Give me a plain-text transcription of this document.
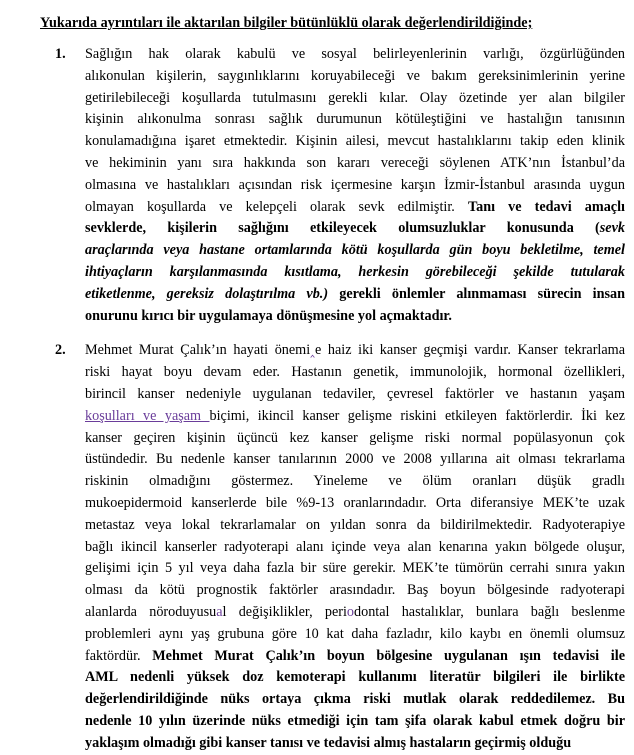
Yukarıda ayrıntıları ile aktarılan bilgiler bütünlüklü olarak değerlendirildiğinde;
1.	Sağlığın hak olarak kabulü ve sosyal belirleyenlerinin varlığı, özgürlüğünden
alıkonulan kişilerin, saygınlıklarını koruyabileceği ve bakım gereksinimlerinin yerine
getirilebileceği koşullarda tutulmasını gerekli kılar. Olay özetinde yer alan bilgiler
kişinin alıkonulma sonrası sağlık durumunun kötüleştiğini ve hastalığın tanısının
konulamadığına işaret etmektedir. Kişinin ailesi, mevcut hastalıklarını takip eden klinik
ve hekiminin yanı sıra hakkında son kararı vereceği söylenen ATK’nın İstanbul’da
olmasına ve hastalıkları açısından risk içermesine karşın İzmir-İstanbul arasında uygun
olmayan koşullarda ve kelepçeli olarak sevk edilmiştir. Tanı ve tedavi amaçlı
sevklerde, kişilerin sağlığını etkileyecek olumsuzluklar konusunda (sevk
araçlarında veya hastane ortamlarında kötü koşullarda gün boyu bekletilme, temel
ihtiyaçların karşılanmasında kısıtlama, herkesin görebileceği şekilde tutularak
etiketlenme, gereksiz dolaştırılma vb.) gerekli önlemler alınmaması sürecin insan
onurunu kırıcı bir uygulamaya dönüşmesine yol açmaktadır.
2.	Mehmet Murat Çalık’ın hayati önemi‸e haiz iki kanser geçmişi vardır. Kanser tekrarlama
riski hayat boyu devam eder. Hastanın genetik, immunolojik, hormonal özellikleri,
birincil kanser nedeniyle uygulanan tedaviler, çevresel faktörler ve hastanın yaşam
koşulları ve yaşam biçimi, ikincil kanser gelişme riskini etkileyen faktörlerdir. İki kez
kanser geçiren kişinin üçüncü kez kanser gelişme riski normal popülasyonun çok
üstündedir. Bu nedenle kanser tanılarının 2000 ve 2008 yıllarına ait olması tekrarlama
riskinin olmadığını göstermez. Yineleme ve ölüm oranları düşük gradlı
mukoepidermoid kanserlerde bile %9-13 oranlarındadır. Orta diferansiye MEK’te uzak
metastaz veya lokal tekrarlamalar on yıldan sonra da bildirilmektedir. Radyoterapiye
bağlı ikincil kanserler radyoterapi alanı içinde veya alan kenarına yakın bölgede oluşur,
gelişimi için 5 yıl veya daha fazla bir süre gerekir. MEK’te tümörün cerrahi sınıra yakın
olması da kötü prognostik faktörler arasındadır. Baş boyun bölgesinde radyoterapi
alanlarda nöroduyusual değişiklikler, periodontal hastalıklar, bunlara bağlı beslenme
problemleri aynı yaş grubuna göre 10 kat daha fazladır, kilo kaybı en önemli olumsuz
faktördür. Mehmet Murat Çalık’ın boyun bölgesine uygulanan ışın tedavisi ile
AML nedenli yüksek doz kemoterapi kullanımı literatür bilgileri ile birlikte
değerlendirildiğinde nüks ortaya çıkma riski mutlak olarak reddedilemez. Bu
nedenle 10 yılın üzerinde nüks etmediği için tam şifa olarak kabul etmek doğru bir
yaklaşım olmadığı gibi kanser tanısı ve tedavisi almış hastaların geçirmiş olduğu
